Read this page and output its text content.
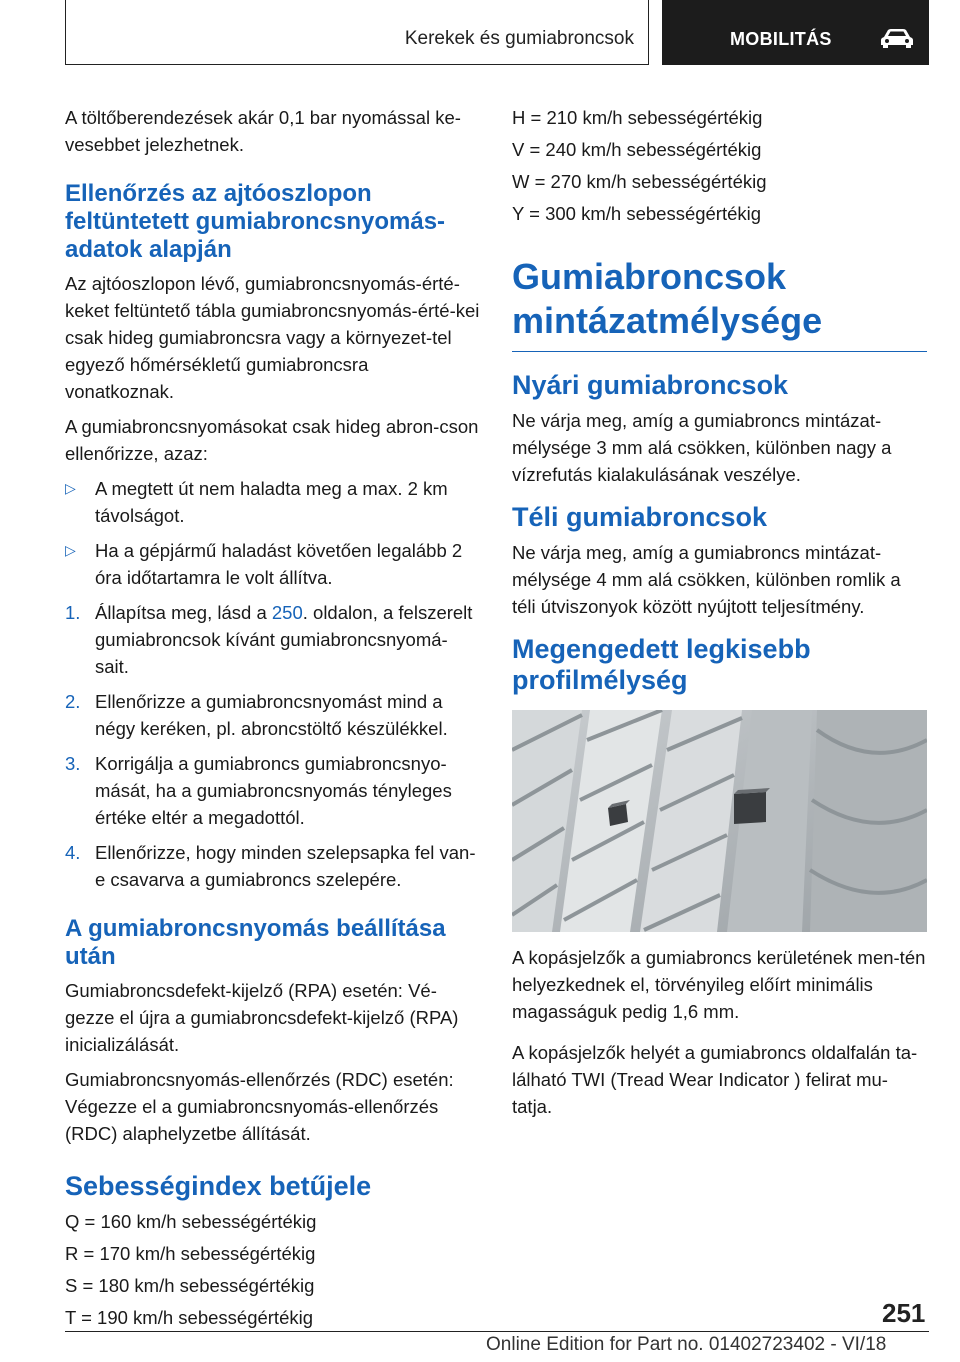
Kerekek és gumiabroncsok	MOBILITÁS

A töltőberendezések akár 0,1 bar nyomással ke-vesebbet jelezhetnek.

Ellenőrzés az ajtóoszlopon feltüntetett gumiabroncsnyomás-adatok alapján

Az ajtóoszlopon lévő, gumiabroncsnyomás-érté-keket feltüntető tábla gumiabroncsnyomás-érté-kei csak hideg gumiabroncsra vagy a környezet-tel egyező hőmérsékletű gumiabroncsra vonatkoznak.

A gumiabroncsnyomásokat csak hideg abron-cson ellenőrizze, azaz:

▷ A megtett út nem haladta meg a max. 2 km távolságot.
▷ Ha a gépjármű haladást követően legalább 2 óra időtartamra le volt állítva.
1. Állapítsa meg, lásd a 250. oldalon, a felszerelt gumiabroncsok kívánt gumiabroncsnyomá-sait.
2. Ellenőrizze a gumiabroncsnyomást mind a négy keréken, pl. abroncstöltő készülékkel.
3. Korrigálja a gumiabroncs gumiabroncsnyo-mását, ha a gumiabroncsnyomás tényleges értéke eltér a megadottól.
4. Ellenőrizze, hogy minden szelepsapka fel van-e csavarva a gumiabroncs szelepére.
A gumiabroncsnyomás beállítása után

Gumiabroncsdefekt-kijelző (RPA) esetén: Vé-gezze el újra a gumiabroncsdefekt-kijelző (RPA) inicializálását.

Gumiabroncsnyomás-ellenőrzés (RDC) esetén: Végezze el a gumiabroncsnyomás-ellenőrzés (RDC) alaphelyzetbe állítását.

Sebességindex betűjele
Q = 160 km/h sebességértékig
R = 170 km/h sebességértékig
S = 180 km/h sebességértékig
T = 190 km/h sebességértékig
H = 210 km/h sebességértékig
V = 240 km/h sebességértékig
W = 270 km/h sebességértékig
Y = 300 km/h sebességértékig
Gumiabroncsok mintázatmélysége
Nyári gumiabroncsok

Ne várja meg, amíg a gumiabroncs mintázat-mélysége 3 mm alá csökken, különben nagy a vízrefutás kialakulásának veszélye.

Téli gumiabroncsok

Ne várja meg, amíg a gumiabroncs mintázat-mélysége 4 mm alá csökken, különben romlik a téli útviszonyok között nyújtott teljesítmény.

Megengedett legkisebb profilmélység

A kopásjelzők a gumiabroncs kerületének men-tén helyezkednek el, törvényileg előírt minimális magasságuk pedig 1,6 mm.

A kopásjelzők helyét a gumiabroncs oldalfalán ta-lálható TWI (Tread Wear Indicator ) felirat mu-tatja.

251
Online Edition for Part no. 01402723402 - VI/18
